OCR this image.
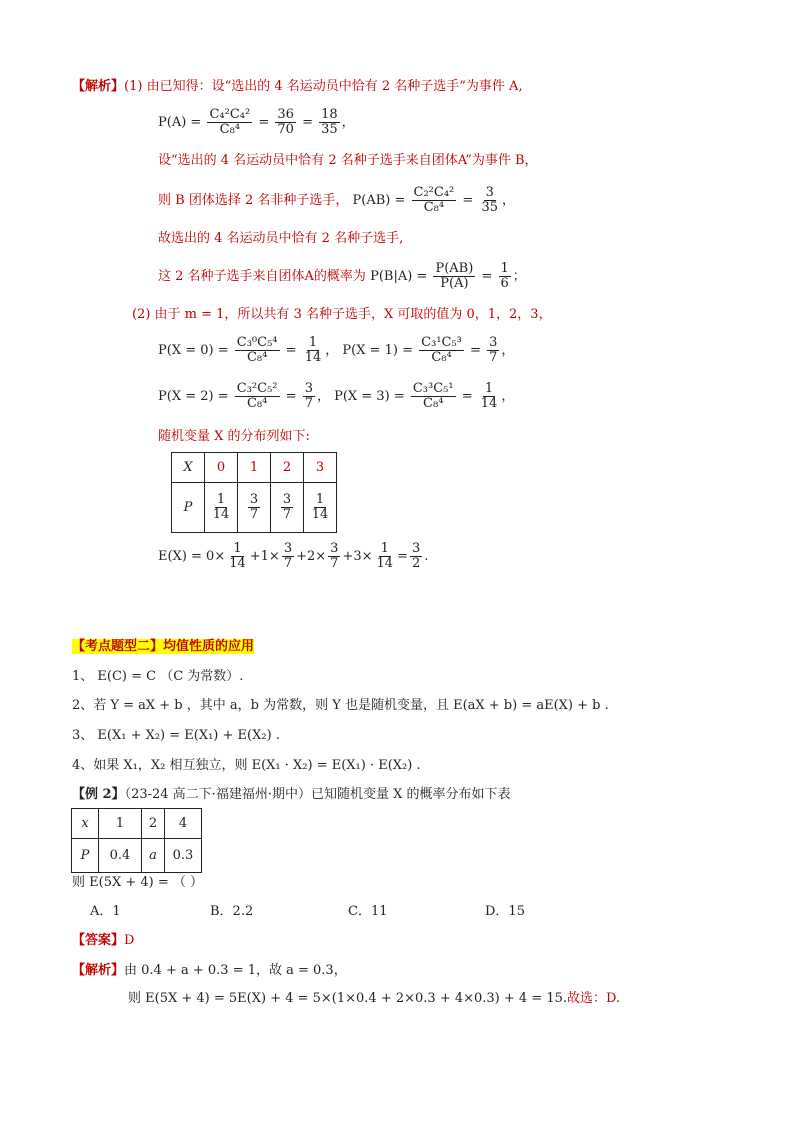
【解析】(1) 由已知得：设“选出的 4 名运动员中恰有 2 名种子选手”为事件 A,
$P(A) = \frac{\text{C₄²C₄²}}{\text{C₈⁴}} = \frac{36}{70} = \frac{18}{35}$ ，
设“选出的 4 名运动员中恰有 2 名种子选手来自团体A”为事件 B，
则 B 团体选择 2 名非种子选手， $P(AB) = \frac{\text{C₂²C₄²}}{\text{C₈⁴}} = \frac{3}{35}$ ，
故选出的 4 名运动员中恰有 2 名种子选手,
这 2 名种子选手来自团体A的概率为 $P(B|A) = \frac{P(AB)}{P(A)} = \frac{1}{6}$ ；
(2) 由于 m = 1，所以共有 3 名种子选手，X 可取的值为 0，1，2，3，
$P(X = 0) = \frac{\text{C₃⁰C₅⁴}}{\text{C₈⁴}} = \frac{1}{14}$ ， $P(X = 1) = \frac{\text{C₃¹C₅³}}{\text{C₈⁴}} = \frac{3}{7}$ ，
$P(X = 2) = \frac{\text{C₃²C₅²}}{\text{C₈⁴}} = \frac{3}{7}$ ， $P(X = 3) = \frac{\text{C₃³C₅¹}}{\text{C₈⁴}} = \frac{1}{14}$ ，
随机变量 X 的分布列如下:
X	0	1	2	3
P	$\frac{1}{14}$	$\frac{3}{7}$	$\frac{3}{7}$	$\frac{1}{14}$
$E(X) = 0\times \frac{1}{14} +1\times \frac{3}{7} +2\times \frac{3}{7} +3\times \frac{1}{14} = \frac{3}{2}$ .
【考点题型二】均值性质的应用
1、 E(C) = C （C 为常数）.
2、若 Y = aX + b ，其中 a，b 为常数，则 Y 也是随机变量，且 E(aX + b) = aE(X) + b .
3、 E(X₁ + X₂) = E(X₁) + E(X₂) .
4、如果 X₁，X₂ 相互独立，则 E(X₁ · X₂) = E(X₁) · E(X₂) .
【例 2】（23-24 高二下·福建福州·期中）已知随机变量 X 的概率分布如下表
x	1	2	4
P	0.4	a	0.3
则 E(5X + 4) = （ ）
A．1	B．2.2	C．11	D．15
【答案】D
【解析】由 0.4 + a + 0.3 = 1，故 a = 0.3，
则 E(5X + 4) = 5E(X) + 4 = 5×(1×0.4 + 2×0.3 + 4×0.3) + 4 = 15.故选：D.
